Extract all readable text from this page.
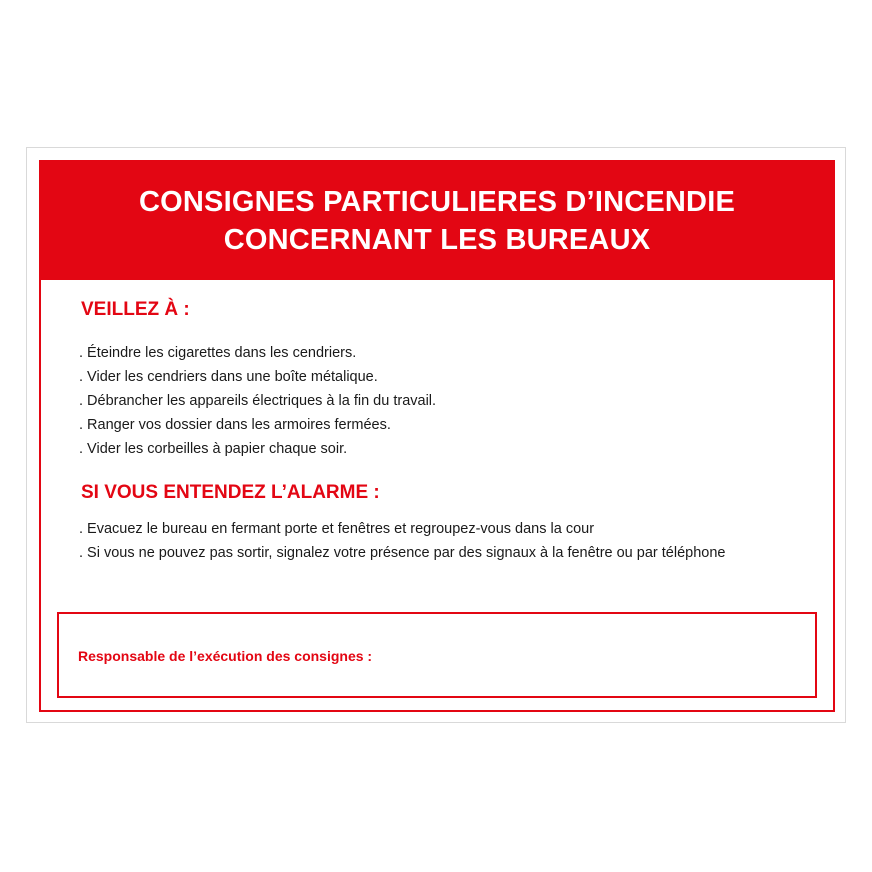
CONSIGNES PARTICULIERES D’INCENDIE
CONCERNANT LES BUREAUX
VEILLEZ À :
. Éteindre les cigarettes dans les cendriers.
. Vider les cendriers dans une boîte métalique.
. Débrancher les appareils électriques à la fin du travail.
. Ranger vos dossier dans les armoires fermées.
. Vider les corbeilles à papier chaque soir.
SI VOUS ENTENDEZ L’ALARME :
. Evacuez le bureau en fermant porte et fenêtres et regroupez-vous dans la cour
. Si vous ne pouvez pas sortir, signalez votre présence par des signaux à la fenêtre ou par téléphone
Responsable de l’exécution des consignes :
